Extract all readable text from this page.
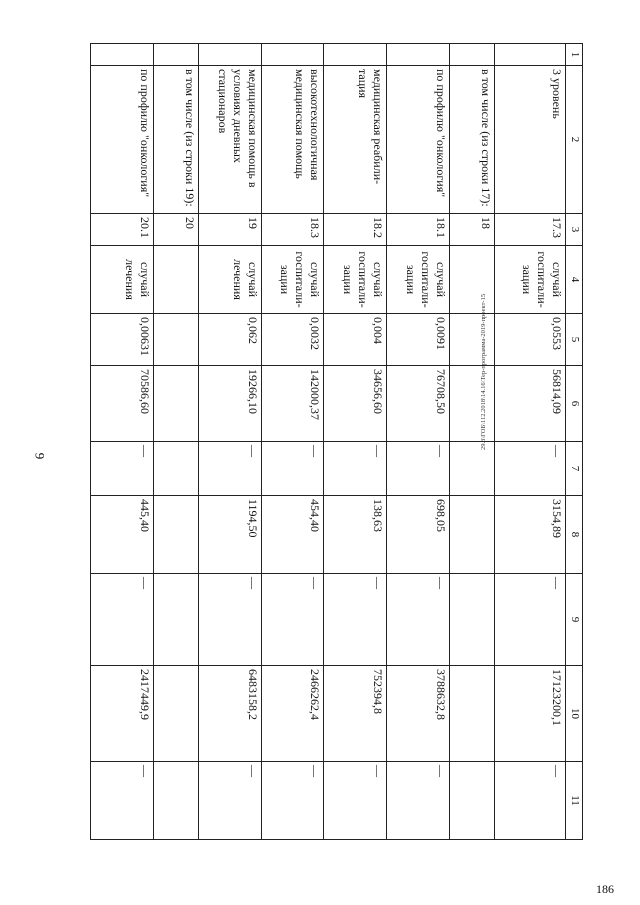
9
29.3\ГОБ\112.2018\14.16\Тер-программа-2019-проект-15
186
1	2	3	4	5	6	7	8	9	10	11
	3 уровень	17.3	случай госпитали-зации	0,0553	56814,09	—	3154,89	—	17123200,1	—
	в том числе (из строки 17):	18								
	по профилю "онкология"	18.1	случай госпитали-зации	0,0091	76708,50	—	698,05	—	3788632,8	—
	медицинская реабили-тация	18.2	случай госпитали-зации	0,004	34656,60	—	138,63	—	752394,8	—
	высокотехнологичная медицинская помощь	18.3	случай госпитали-зации	0,0032	142000,37	—	454,40	—	2466262,4	—
	медицинская помощь в условиях дневных стационаров	19	случай лечения	0,062	19266,10	—	1194,50	—	6483158,2	—
	в том числе (из строки 19):	20								
	по профилю "онкология"	20.1	случай лечения	0,00631	70586,60	—	445,40	—	2417449,9	—
